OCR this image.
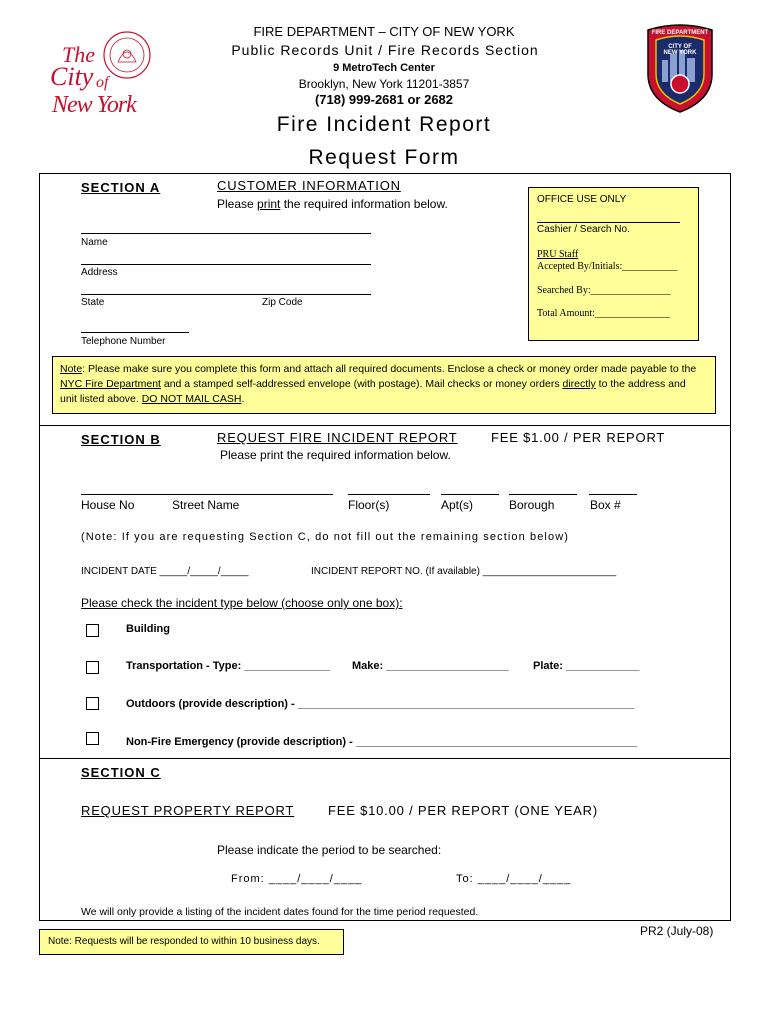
The
City of
New York
FIRE DEPARTMENT
CITY OF
NEW YORK
FIRE DEPARTMENT – CITY OF NEW YORK
Public Records Unit / Fire Records Section
9 MetroTech Center
Brooklyn, New York 11201-3857
(718) 999-2681 or 2682
Fire Incident Report
Request Form
SECTION A	CUSTOMER INFORMATION
Please print the required information below.
Name
Address
State	Zip Code
Telephone Number
OFFICE USE ONLY
Cashier / Search No.
PRU Staff
Accepted By/Initials:___________
Searched By:________________
Total Amount:_______________
Note: Please make sure you complete this form and attach all required documents. Enclose a check or money order made payable to the
NYC Fire Department and a stamped self-addressed envelope (with postage). Mail checks or money orders directly to the address and
unit listed above. DO NOT MAIL CASH.
SECTION B	REQUEST FIRE INCIDENT REPORT	FEE $1.00 / PER REPORT
Please print the required information below.
House No	Street Name	Floor(s)	Apt(s)	Borough	Box #
(Note: If you are requesting Section C, do not fill out the remaining section below)
INCIDENT DATE _____/_____/_____	INCIDENT REPORT NO. (If available) ________________________
Please check the incident type below (choose only one box):
Building
Transportation - Type: ______________ Make: ____________________ Plate: ____________
Outdoors (provide description) - _______________________________________________________
Non-Fire Emergency (provide description) - ______________________________________________
SECTION C
REQUEST PROPERTY REPORT	FEE $10.00 / PER REPORT (ONE YEAR)
Please indicate the period to be searched:
From: ____/____/____	To: ____/____/____
We will only provide a listing of the incident dates found for the time period requested.
PR2 (July-08)
Note: Requests will be responded to within 10 business days.
